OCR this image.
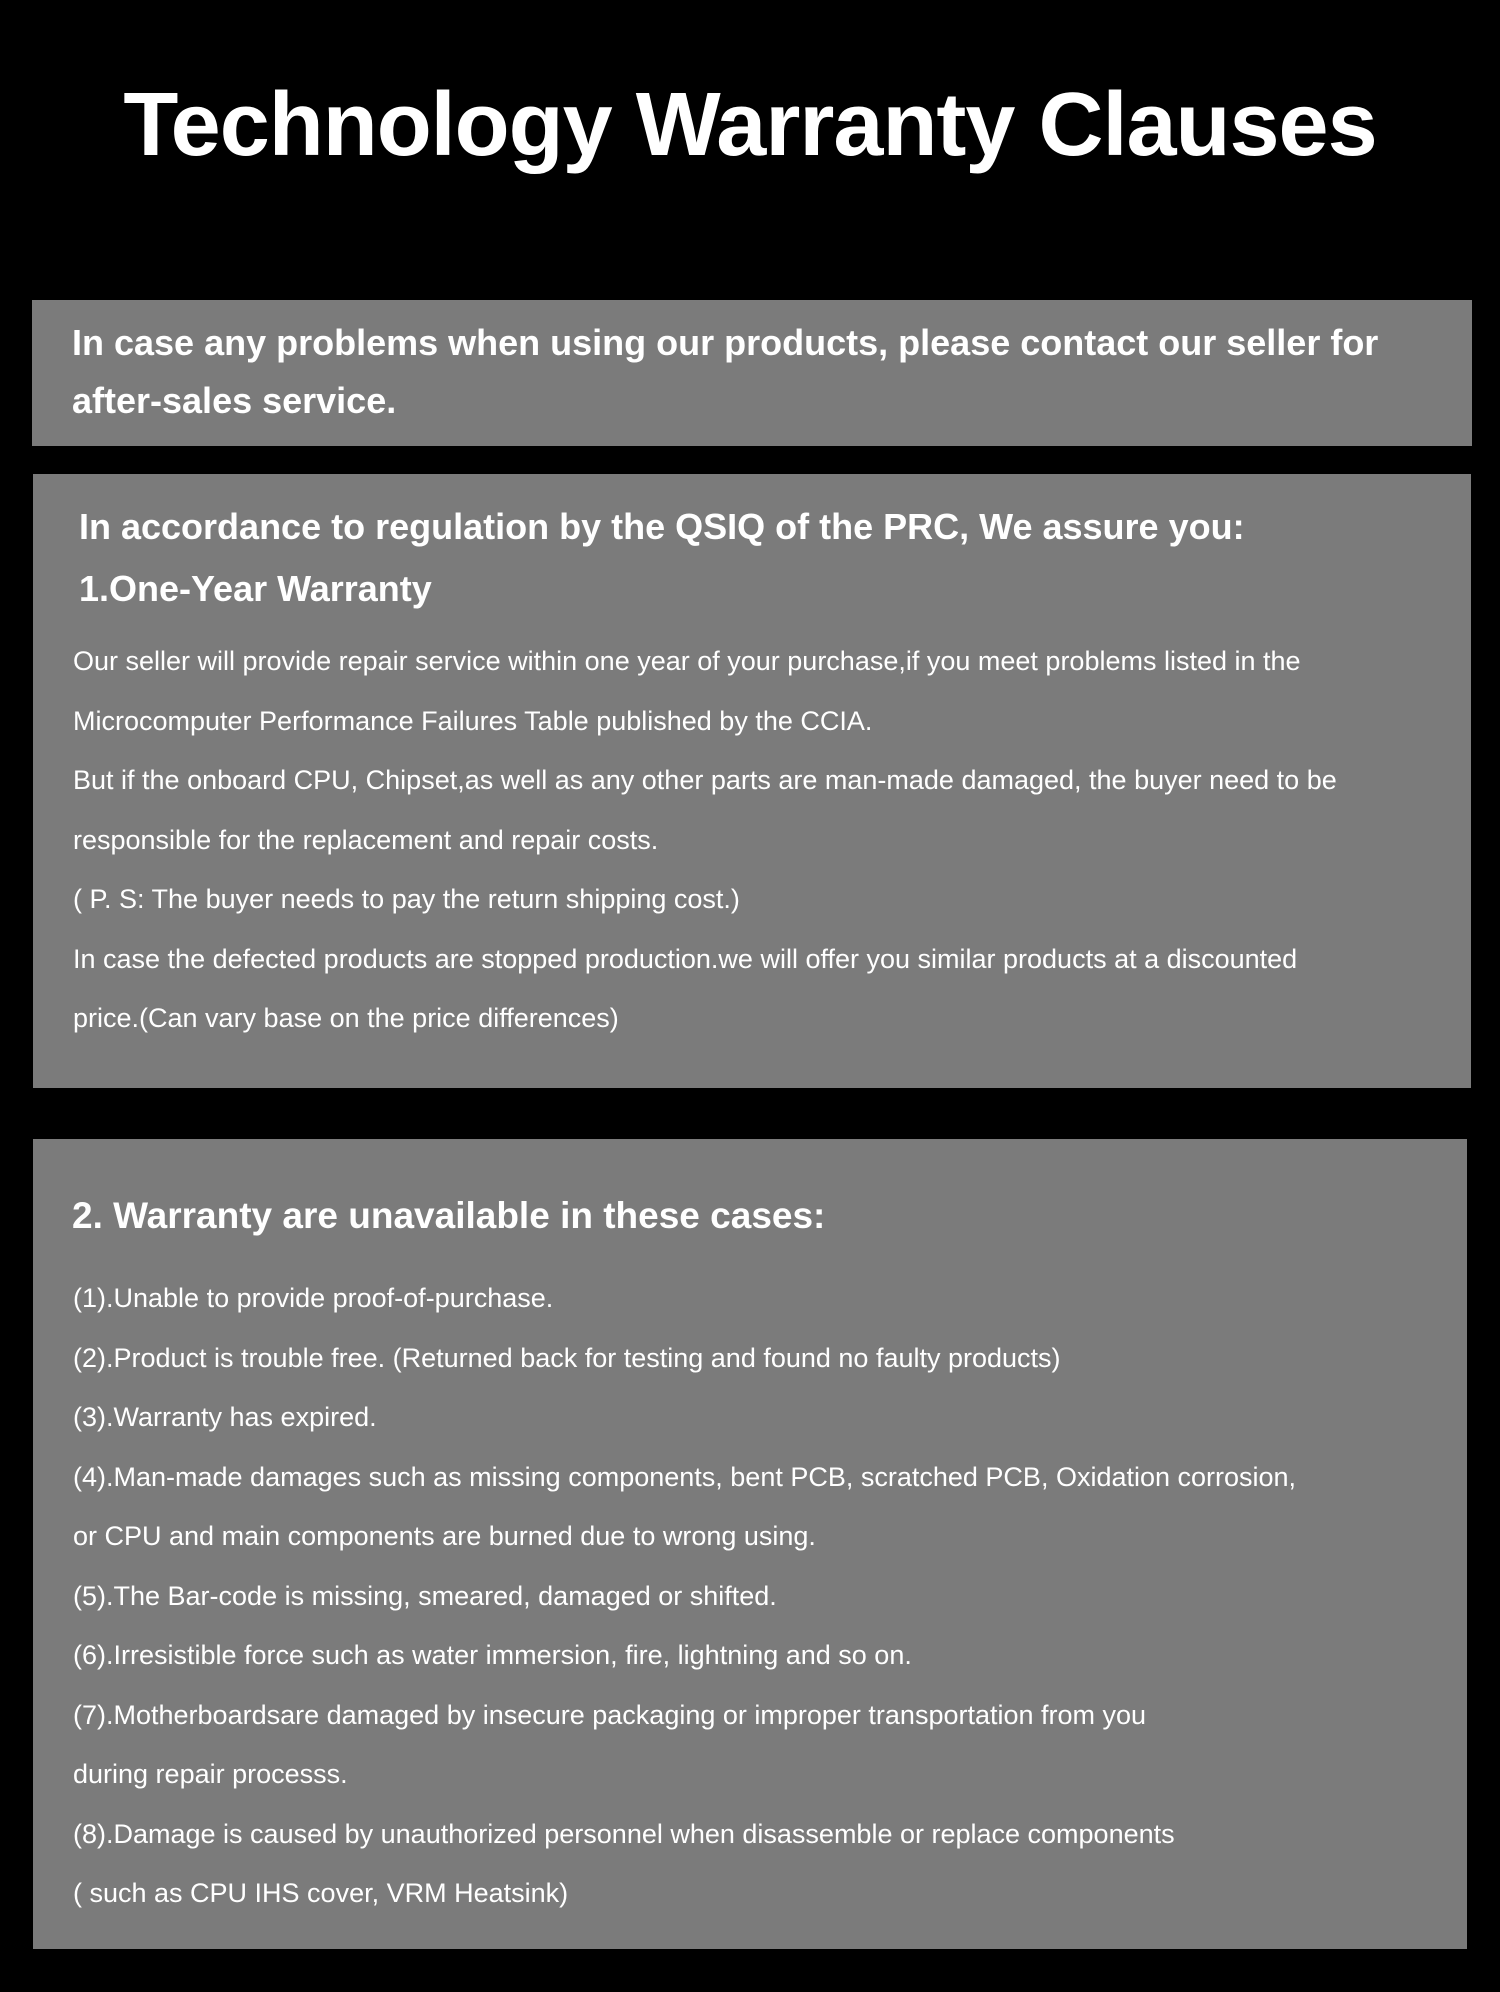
Technology Warranty Clauses

In case any problems when using our products, please contact our seller for after-sales service.

In accordance to regulation by the QSIQ of the PRC, We assure you:

1.One-Year Warranty

Our seller will provide repair service within one year of your purchase,if you meet problems listed in the

Microcomputer Performance Failures Table published by the CCIA.

But if the onboard CPU, Chipset,as well as any other parts are man-made damaged, the buyer need to be

responsible for the replacement and repair costs.

( P. S: The buyer needs to pay the return shipping cost.)

In case the defected products are stopped production.we will offer you similar products at a discounted

price.(Can vary base on the price differences)

2. Warranty are unavailable in these cases:

(1).Unable to provide proof-of-purchase.

(2).Product is trouble free. (Returned back for testing and found no faulty products)

(3).Warranty has expired.

(4).Man-made damages such as missing components, bent PCB, scratched PCB, Oxidation corrosion,

or CPU and main components are burned due to wrong using.

(5).The Bar-code is missing, smeared, damaged or shifted.

(6).Irresistible force such as water immersion, fire, lightning and so on.

(7).Motherboardsare damaged by insecure packaging or improper transportation from you

during repair processs.

(8).Damage is caused by unauthorized personnel when disassemble or replace components

( such as CPU IHS cover, VRM Heatsink)
